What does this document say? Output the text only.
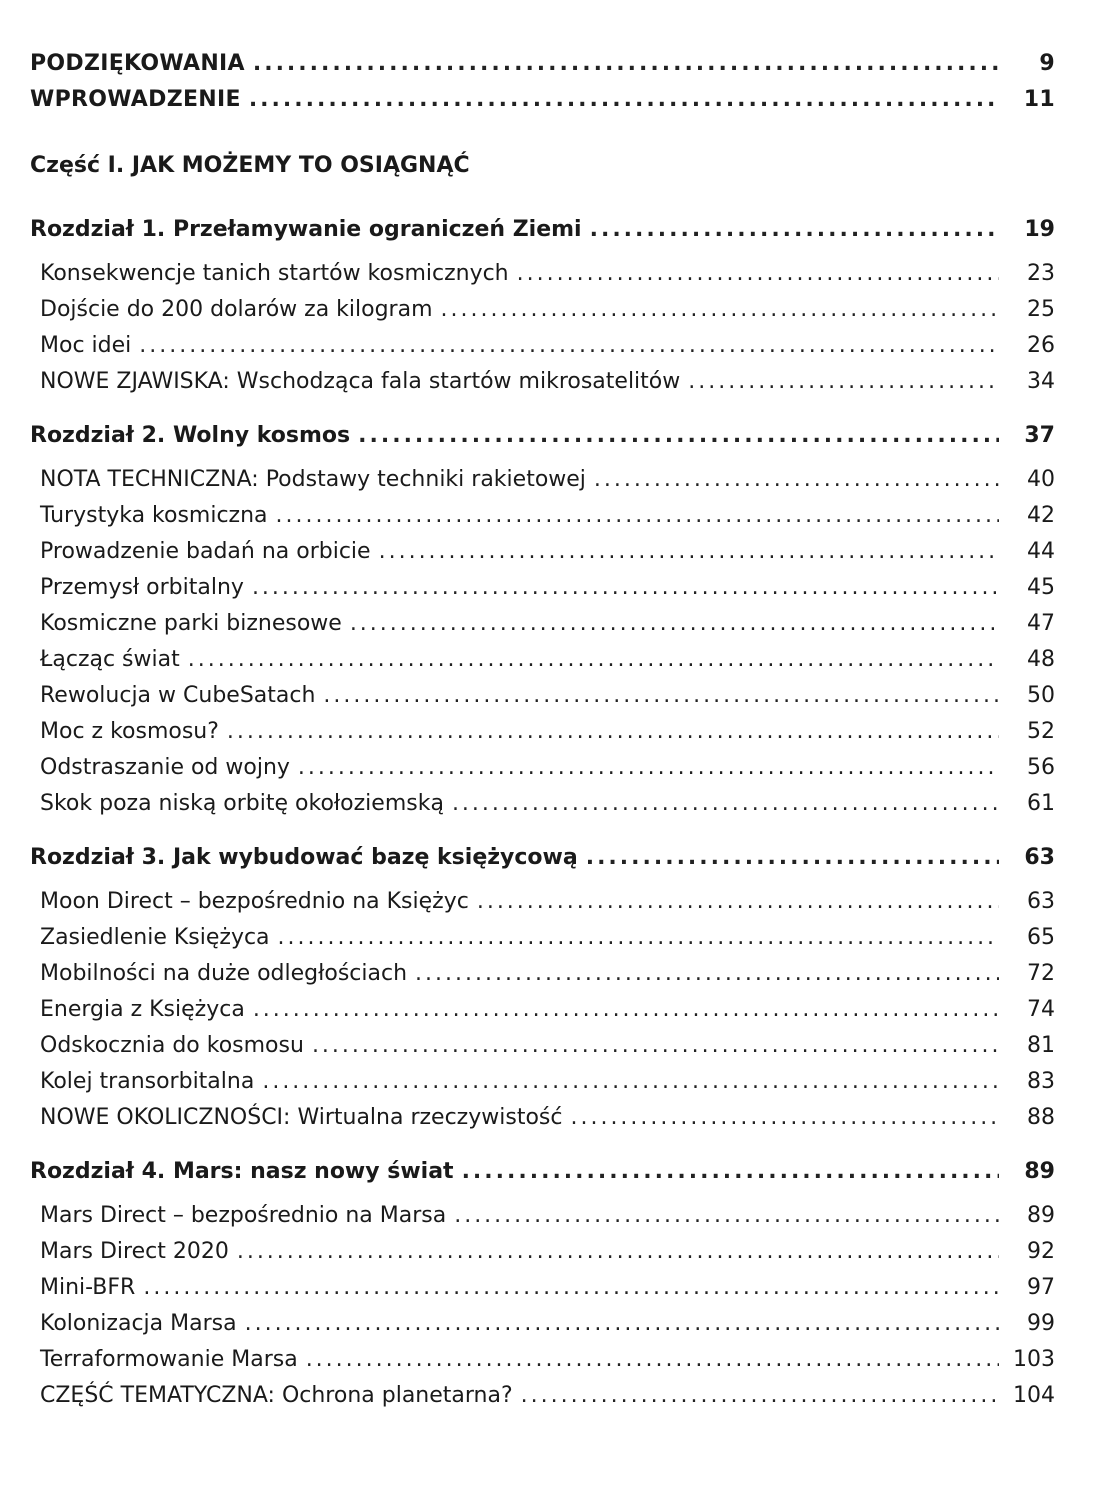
PODZIĘKOWANIA .....	9
WPROWADZENIE .....	11
Część I. JAK MOŻEMY TO OSIĄGNĄĆ
Rozdział 1. Przełamywanie ograniczeń Ziemi .....	19
Konsekwencje tanich startów kosmicznych .....	23
Dojście do 200 dolarów za kilogram .....	25
Moc idei .....	26
NOWE ZJAWISKA: Wschodząca fala startów mikrosatelitów .....	34
Rozdział 2. Wolny kosmos .....	37
NOTA TECHNICZNA: Podstawy techniki rakietowej .....	40
Turystyka kosmiczna .....	42
Prowadzenie badań na orbicie .....	44
Przemysł orbitalny .....	45
Kosmiczne parki biznesowe .....	47
Łącząc świat .....	48
Rewolucja w CubeSatach .....	50
Moc z kosmosu? .....	52
Odstraszanie od wojny .....	56
Skok poza niską orbitę okołoziemską .....	61
Rozdział 3. Jak wybudować bazę księżycową .....	63
Moon Direct – bezpośrednio na Księżyc .....	63
Zasiedlenie Księżyca .....	65
Mobilności na duże odległościach .....	72
Energia z Księżyca .....	74
Odskocznia do kosmosu .....	81
Kolej transorbitalna .....	83
NOWE OKOLICZNOŚCI: Wirtualna rzeczywistość .....	88
Rozdział 4. Mars: nasz nowy świat .....	89
Mars Direct – bezpośrednio na Marsa .....	89
Mars Direct 2020 .....	92
Mini-BFR .....	97
Kolonizacja Marsa .....	99
Terraformowanie Marsa .....	103
CZĘŚĆ TEMATYCZNA: Ochrona planetarna? .....	104
